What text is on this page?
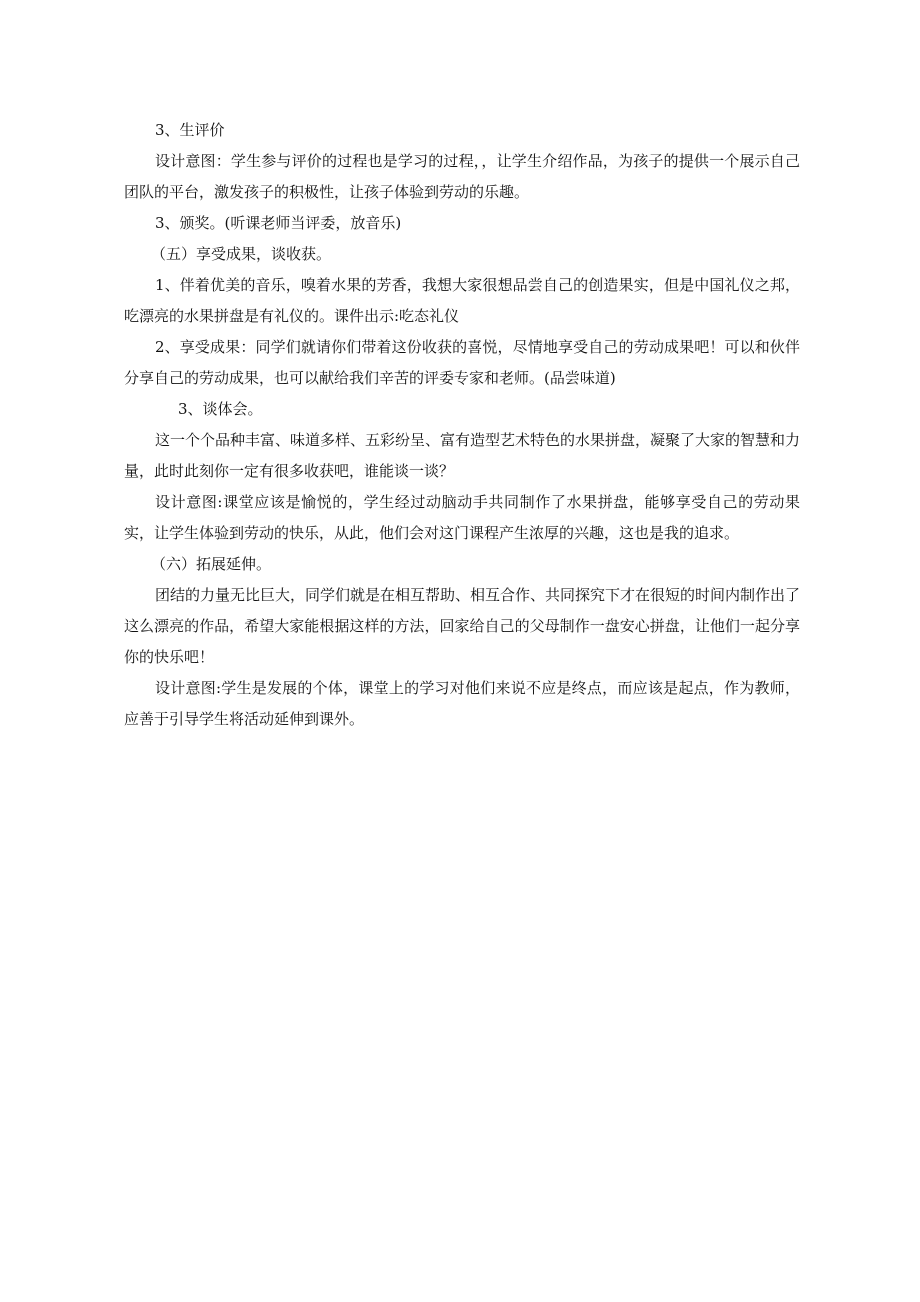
3、生评价

设计意图：学生参与评价的过程也是学习的过程，，让学生介绍作品，为孩子的提供一个展示自己团队的平台，激发孩子的积极性，让孩子体验到劳动的乐趣。

3、颁奖。(听课老师当评委，放音乐)

（五）享受成果，谈收获。

1、伴着优美的音乐，嗅着水果的芳香，我想大家很想品尝自己的创造果实，但是中国礼仪之邦，吃漂亮的水果拼盘是有礼仪的。课件出示:吃态礼仪

2、享受成果：同学们就请你们带着这份收获的喜悦，尽情地享受自己的劳动成果吧！可以和伙伴分享自己的劳动成果，也可以献给我们辛苦的评委专家和老师。(品尝味道)

3、谈体会。

这一个个品种丰富、味道多样、五彩纷呈、富有造型艺术特色的水果拼盘，凝聚了大家的智慧和力量，此时此刻你一定有很多收获吧，谁能谈一谈？

设计意图:课堂应该是愉悦的，学生经过动脑动手共同制作了水果拼盘，能够享受自己的劳动果实，让学生体验到劳动的快乐，从此，他们会对这门课程产生浓厚的兴趣，这也是我的追求。

（六）拓展延伸。

团结的力量无比巨大，同学们就是在相互帮助、相互合作、共同探究下才在很短的时间内制作出了这么漂亮的作品，希望大家能根据这样的方法，回家给自己的父母制作一盘安心拼盘，让他们一起分享你的快乐吧！

设计意图:学生是发展的个体，课堂上的学习对他们来说不应是终点，而应该是起点，作为教师，应善于引导学生将活动延伸到课外。
